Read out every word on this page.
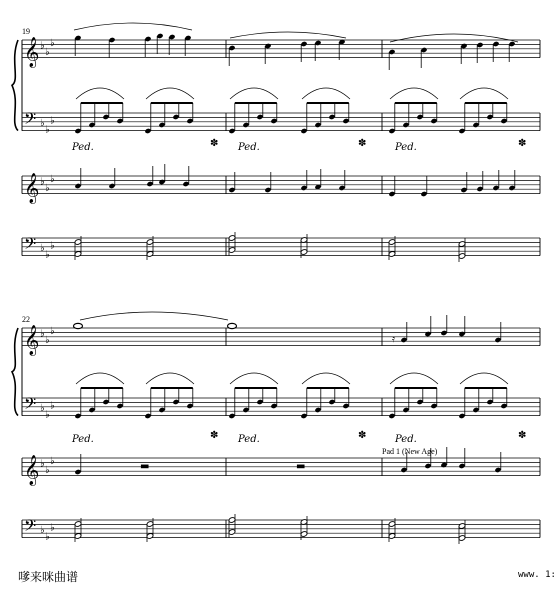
19
𝄞 ♭
♭
♭
𝄢 ♭
♭
♭
𝄞 ♭
♭
♭
𝄢 ♭
♭
♭
Ped.	Ped.	Ped.
✽	✽	✽
22
𝄞 ♭
♭
♭
𝄢 ♭
♭
♭
𝄞 ♭
♭
♭
𝄢 ♭
♭
♭
𝄿
Ped.	Ped.	Ped.
✽	✽	✽
▬	▬
Pad 1 (New Age)
嗲来咪曲谱	www. 1:
